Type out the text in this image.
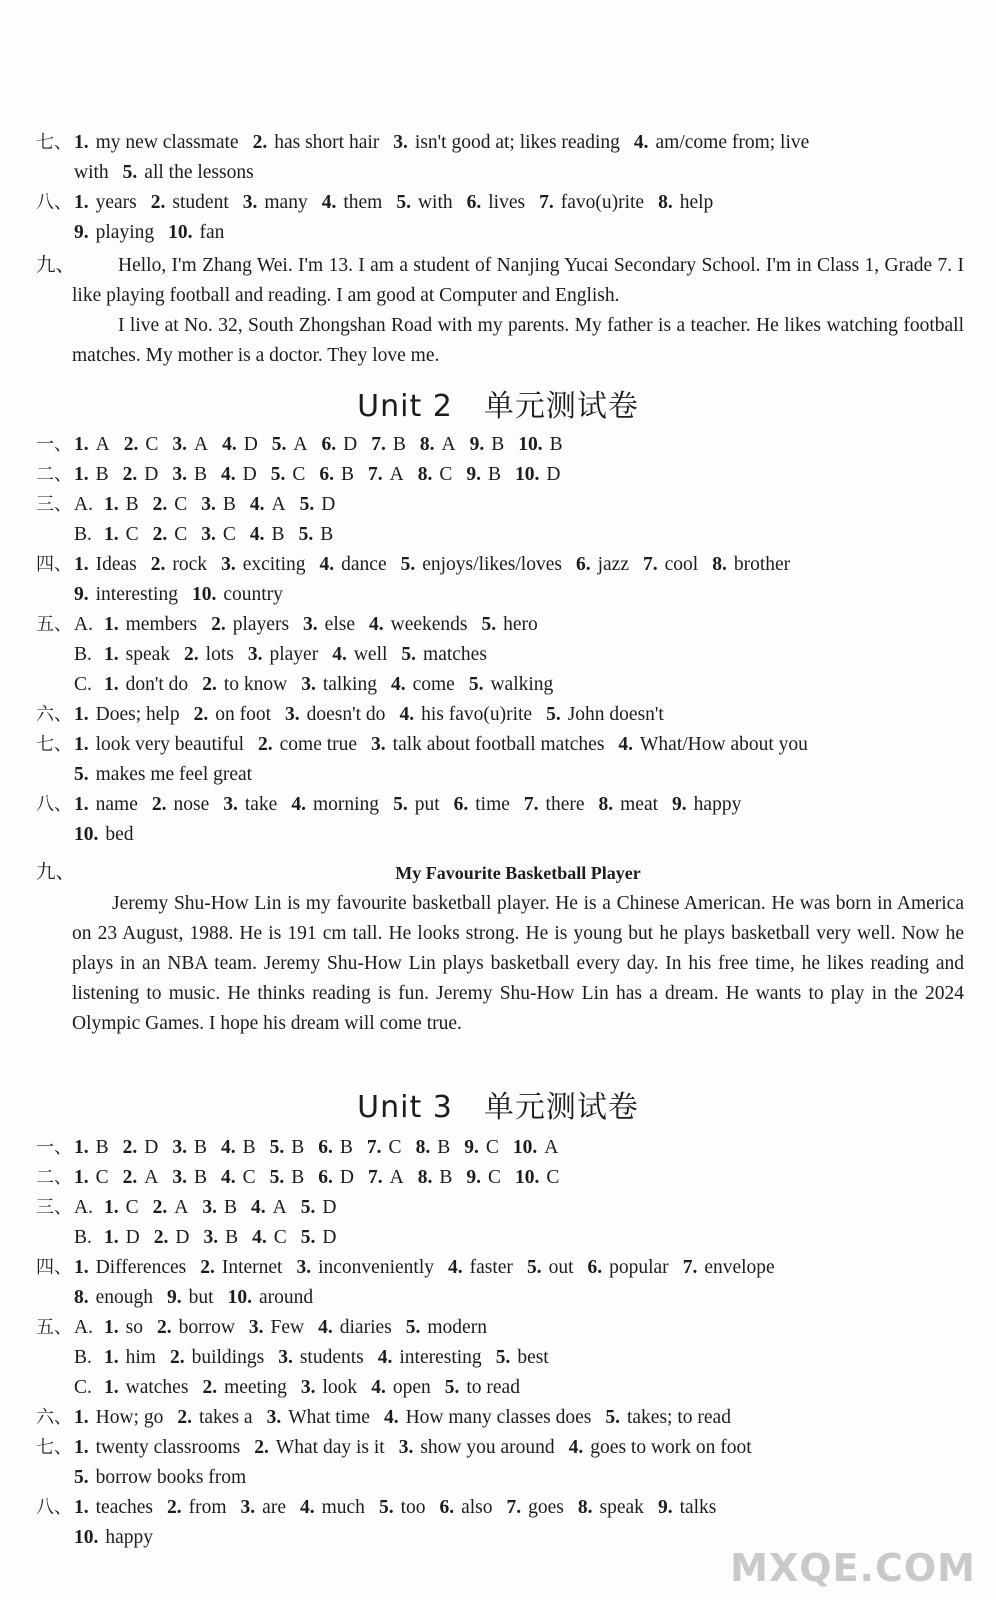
七、 1. my new classmate 2. has short hair 3. isn't good at; likes reading 4. am/come from; live
with 5. all the lessons
八、 1. years 2. student 3. many 4. them 5. with 6. lives 7. favo(u)rite 8. help
9. playing 10. fan
九、	Hello, I'm Zhang Wei. I'm 13. I am a student of Nanjing Yucai Secondary School. I'm in Class 1, Grade 7. I like playing football and reading. I am good at Computer and English.
I live at No. 32, South Zhongshan Road with my parents. My father is a teacher. He likes watching football matches. My mother is a doctor. They love me.
Unit 2　单元测试卷
一、 1. A 2. C 3. A 4. D 5. A 6. D 7. B 8. A 9. B 10. B
二、 1. B 2. D 3. B 4. D 5. C 6. B 7. A 8. C 9. B 10. D
三、 A. 1. B 2. C 3. B 4. A 5. D
B. 1. C 2. C 3. C 4. B 5. B
四、 1. Ideas 2. rock 3. exciting 4. dance 5. enjoys/likes/loves 6. jazz 7. cool 8. brother
9. interesting 10. country
五、 A. 1. members 2. players 3. else 4. weekends 5. hero
B. 1. speak 2. lots 3. player 4. well 5. matches
C. 1. don't do 2. to know 3. talking 4. come 5. walking
六、 1. Does; help 2. on foot 3. doesn't do 4. his favo(u)rite 5. John doesn't
七、 1. look very beautiful 2. come true 3. talk about football matches 4. What/How about you
5. makes me feel great
八、 1. name 2. nose 3. take 4. morning 5. put 6. time 7. there 8. meat 9. happy
10. bed
九、	My Favourite Basketball Player
Jeremy Shu-How Lin is my favourite basketball player. He is a Chinese American. He was born in America on 23 August, 1988. He is 191 cm tall. He looks strong. He is young but he plays basketball very well. Now he plays in an NBA team. Jeremy Shu-How Lin plays basketball every day. In his free time, he likes reading and listening to music. He thinks reading is fun. Jeremy Shu-How Lin has a dream. He wants to play in the 2024 Olympic Games. I hope his dream will come true.
Unit 3　单元测试卷
一、 1. B 2. D 3. B 4. B 5. B 6. B 7. C 8. B 9. C 10. A
二、 1. C 2. A 3. B 4. C 5. B 6. D 7. A 8. B 9. C 10. C
三、 A. 1. C 2. A 3. B 4. A 5. D
B. 1. D 2. D 3. B 4. C 5. D
四、 1. Differences 2. Internet 3. inconveniently 4. faster 5. out 6. popular 7. envelope
8. enough 9. but 10. around
五、 A. 1. so 2. borrow 3. Few 4. diaries 5. modern
B. 1. him 2. buildings 3. students 4. interesting 5. best
C. 1. watches 2. meeting 3. look 4. open 5. to read
六、 1. How; go 2. takes a 3. What time 4. How many classes does 5. takes; to read
七、 1. twenty classrooms 2. What day is it 3. show you around 4. goes to work on foot
5. borrow books from
八、 1. teaches 2. from 3. are 4. much 5. too 6. also 7. goes 8. speak 9. talks
10. happy
MXQE.COM
